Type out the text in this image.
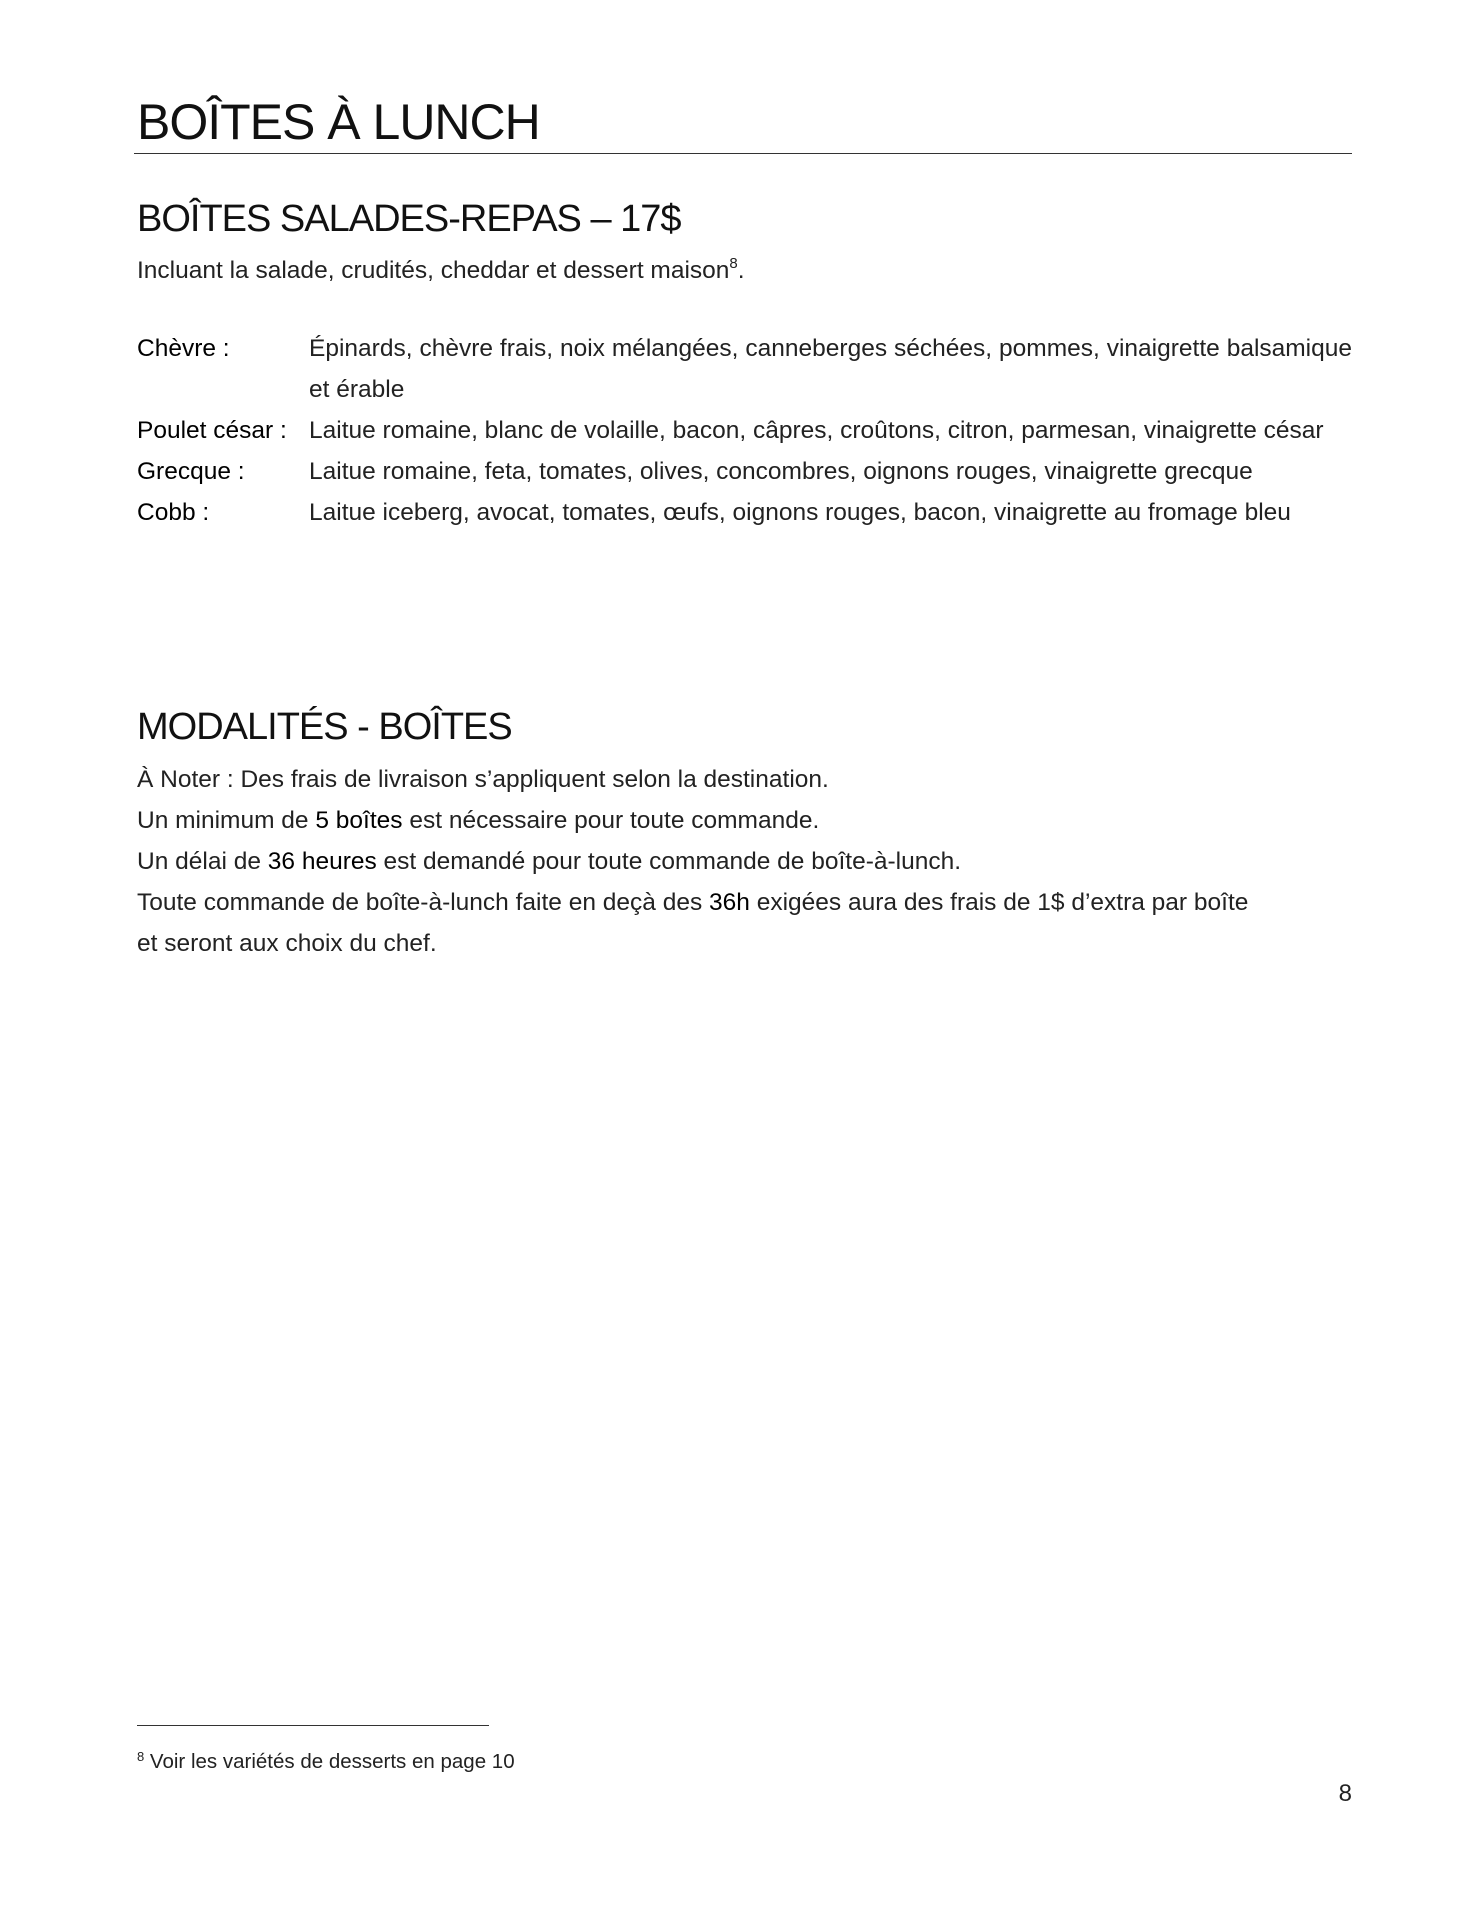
BOÎTES À LUNCH
BOÎTES SALADES-REPAS – 17$
Incluant la salade, crudités, cheddar et dessert maison$^8$.
Chèvre :	Épinards, chèvre frais, noix mélangées, canneberges séchées, pommes, vinaigrette balsamique et érable
Poulet césar : Laitue romaine, blanc de volaille, bacon, câpres, croûtons, citron, parmesan, vinaigrette césar
Grecque :	Laitue romaine, feta, tomates, olives, concombres, oignons rouges, vinaigrette grecque
Cobb :	Laitue iceberg, avocat, tomates, œufs, oignons rouges, bacon, vinaigrette au fromage bleu
MODALITÉS - BOÎTES
À Noter : Des frais de livraison s’appliquent selon la destination.
Un minimum de 5 boîtes est nécessaire pour toute commande.
Un délai de 36 heures est demandé pour toute commande de boîte-à-lunch.
Toute commande de boîte-à-lunch faite en deçà des 36h exigées aura des frais de 1$ d’extra par boîte
et seront aux choix du chef.
$^8$ Voir les variétés de desserts en page 10
8
